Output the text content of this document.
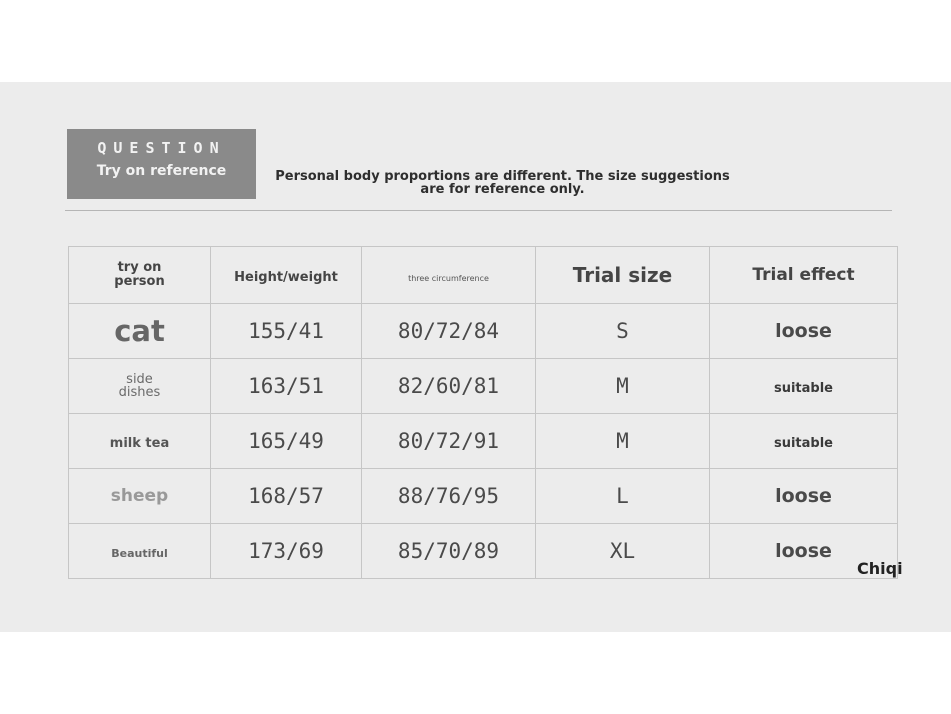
QUESTION
Try on reference	Personal body proportions are different. The size suggestions are for reference only.
try on person	Height/weight	three circumference	Trial size	Trial effect
cat	155/41	80/72/84	S	loose

side dishes	163/51	82/60/81	M	suitable
milk tea	165/49	80/72/91	M	suitable
sheep	168/57	88/76/95	L	loose
Beautiful	173/69	85/70/89	XL	loose
Chiqi
